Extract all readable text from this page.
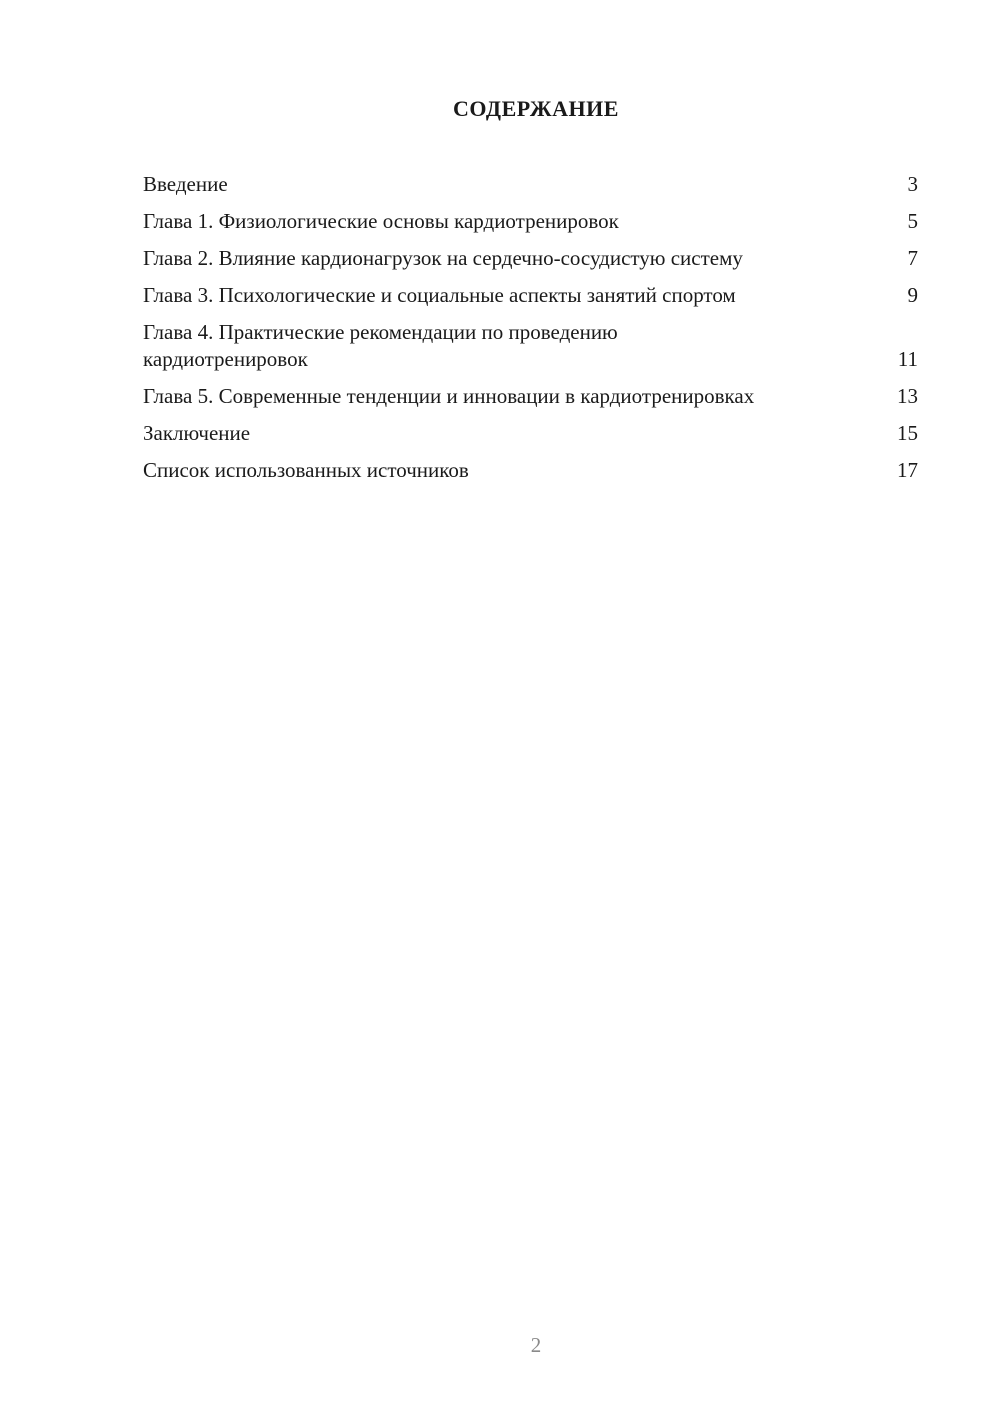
СОДЕРЖАНИЕ
Введение	3
Глава 1. Физиологические основы кардиотренировок	5
Глава 2. Влияние кардионагрузок на сердечно-сосудистую систему	7
Глава 3. Психологические и социальные аспекты занятий спортом	9
Глава 4. Практические рекомендации по проведению кардиотренировок	11
Глава 5. Современные тенденции и инновации в кардиотренировках	13
Заключение	15
Список использованных источников	17
2
